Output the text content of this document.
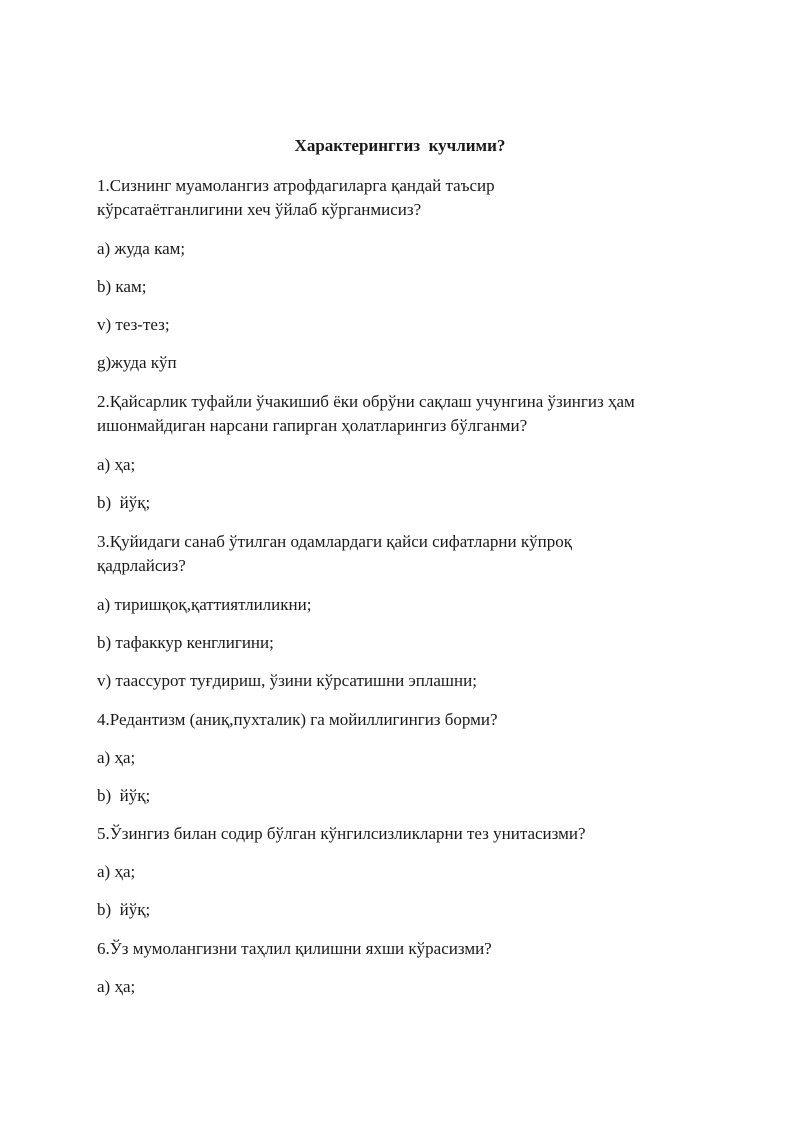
Характеринггиз  кучлими?
1.Сизнинг муамолангиз атрофдагиларга қандай таъсир
кўрсатаётганлигини хеч ўйлаб кўрганмисиз?
a) жуда кам;
b) кам;
v) тез-тез;
g)жуда кўп
2.Қайсарлик туфайли ўчакишиб ёки обрўни сақлаш учунгина ўзингиз ҳам
ишонмайдиган нарсани гапирган ҳолатларингиз бўлганми?
a) ҳа;
b)  йўқ;
3.Қуйидаги санаб ўтилган одамлардаги қайси сифатларни кўпроқ
қадрлайсиз?
a) тиришқоқ,қаттиятлиликни;
b) тафаккур кенглигини;
v) таассурот туғдириш, ўзини кўрсатишни эплашни;
4.Редантизм (аниқ,пухталик) га мойиллигингиз борми?
a) ҳа;
b)  йўқ;
5.Ўзингиз билан содир бўлган кўнгилсизликларни тез унитасизми?
a) ҳа;
b)  йўқ;
6.Ўз мумолангизни таҳлил қилишни яхши кўрасизми?
a) ҳа;
